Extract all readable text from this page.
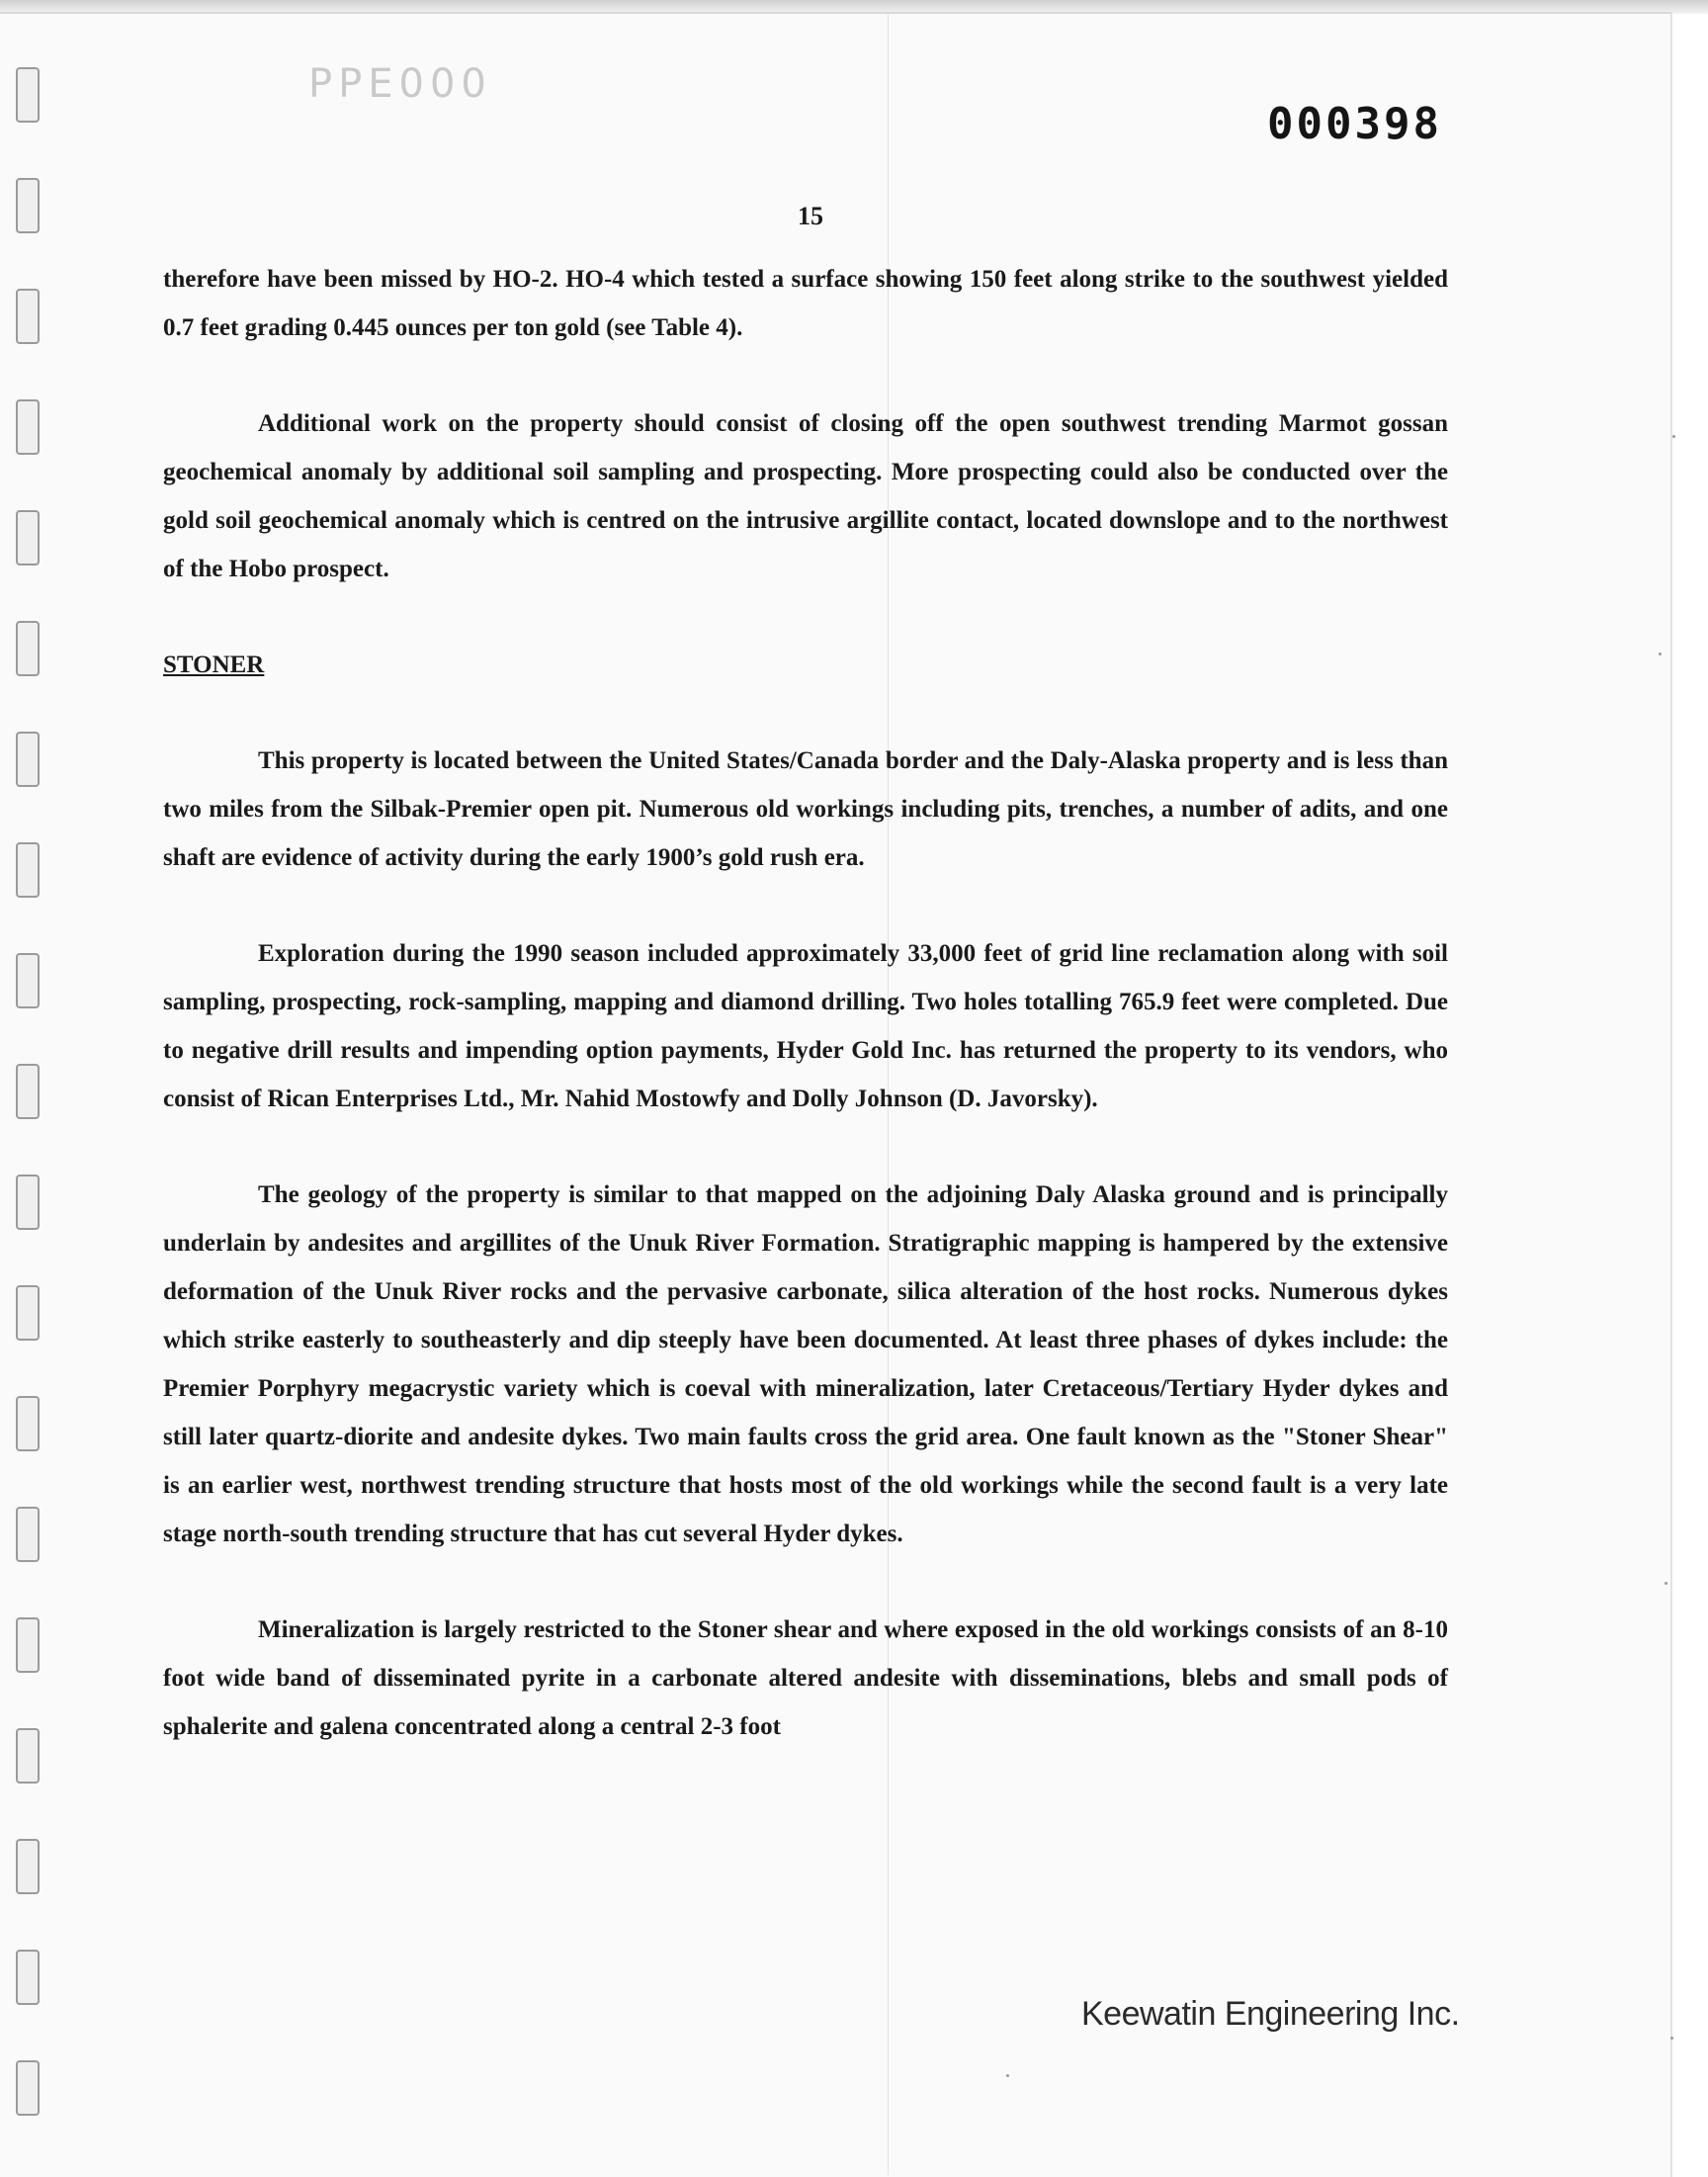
PPE000
000398
15

therefore have been missed by HO-2. HO-4 which tested a surface showing 150 feet along strike to the southwest yielded 0.7 feet grading 0.445 ounces per ton gold (see Table 4).

Additional work on the property should consist of closing off the open southwest trending Marmot gossan geochemical anomaly by additional soil sampling and prospecting. More prospecting could also be conducted over the gold soil geochemical anomaly which is centred on the intrusive argillite contact, located downslope and to the northwest of the Hobo prospect.

STONER

This property is located between the United States/Canada border and the Daly-Alaska property and is less than two miles from the Silbak-Premier open pit. Numerous old workings including pits, trenches, a number of adits, and one shaft are evidence of activity during the early 1900’s gold rush era.

Exploration during the 1990 season included approximately 33,000 feet of grid line reclamation along with soil sampling, prospecting, rock-sampling, mapping and diamond drilling. Two holes totalling 765.9 feet were completed. Due to negative drill results and impending option payments, Hyder Gold Inc. has returned the property to its vendors, who consist of Rican Enterprises Ltd., Mr. Nahid Mostowfy and Dolly Johnson (D. Javorsky).

The geology of the property is similar to that mapped on the adjoining Daly Alaska ground and is principally underlain by andesites and argillites of the Unuk River Formation. Stratigraphic mapping is hampered by the extensive deformation of the Unuk River rocks and the pervasive carbonate, silica alteration of the host rocks. Numerous dykes which strike easterly to southeasterly and dip steeply have been documented. At least three phases of dykes include: the Premier Porphyry megacrystic variety which is coeval with mineralization, later Cretaceous/Tertiary Hyder dykes and still later quartz-diorite and andesite dykes. Two main faults cross the grid area. One fault known as the "Stoner Shear" is an earlier west, northwest trending structure that hosts most of the old workings while the second fault is a very late stage north-south trending structure that has cut several Hyder dykes.

Mineralization is largely restricted to the Stoner shear and where exposed in the old workings consists of an 8-10 foot wide band of disseminated pyrite in a carbonate altered andesite with disseminations, blebs and small pods of sphalerite and galena concentrated along a central 2-3 foot

Keewatin Engineering Inc.
